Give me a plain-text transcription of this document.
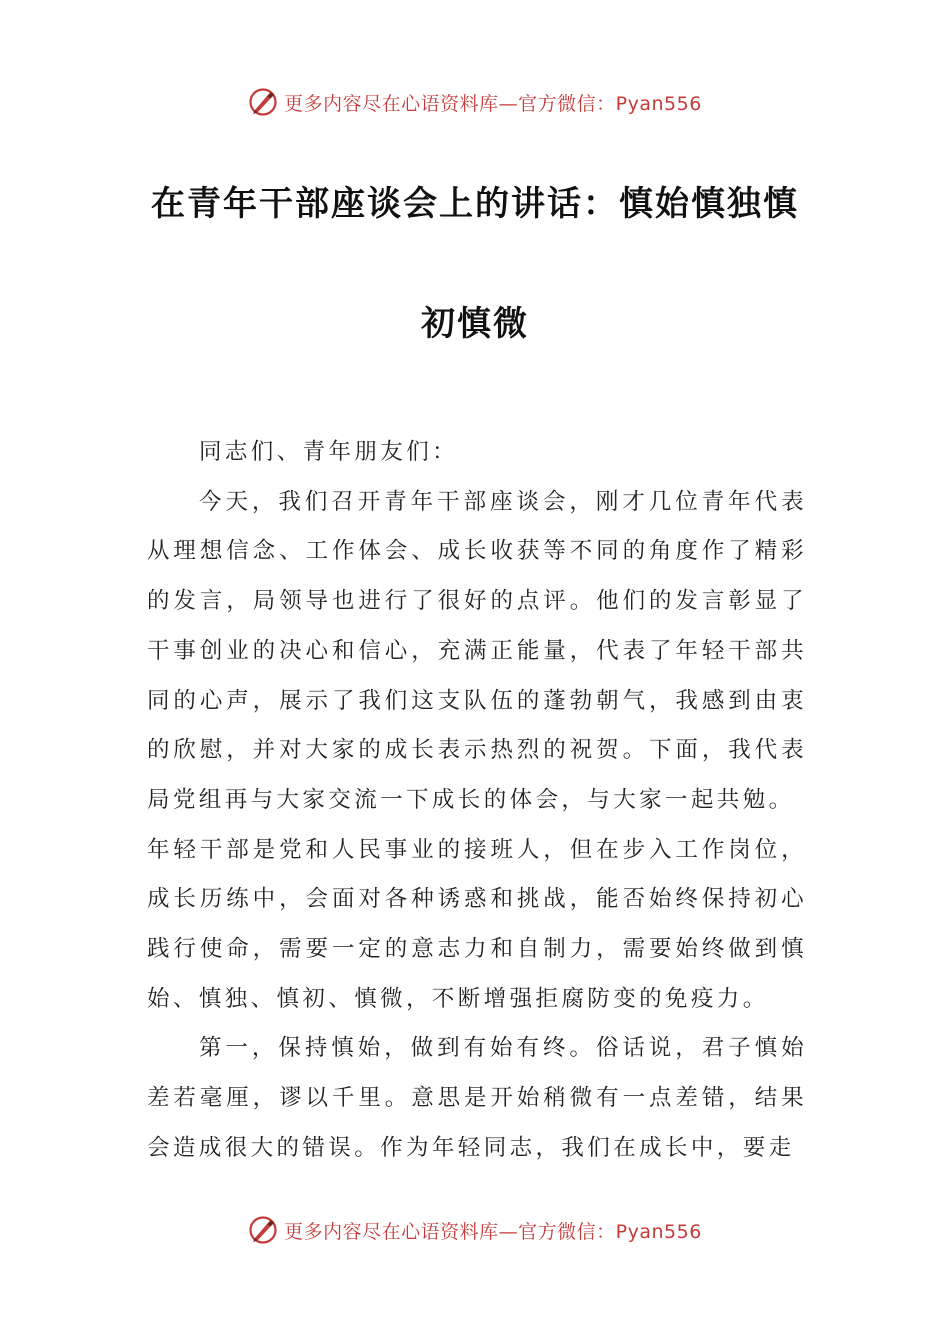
更多内容尽在心语资料库—官方微信：Pyan556
在青年干部座谈会上的讲话：慎始慎独慎
初慎微

同志们、青年朋友们：

今天，我们召开青年干部座谈会，刚才几位青年代表从理想信念、工作体会、成长收获等不同的角度作了精彩的发言，局领导也进行了很好的点评。他们的发言彰显了干事创业的决心和信心，充满正能量，代表了年轻干部共同的心声，展示了我们这支队伍的蓬勃朝气，我感到由衷的欣慰，并对大家的成长表示热烈的祝贺。下面，我代表局党组再与大家交流一下成长的体会，与大家一起共勉。

年轻干部是党和人民事业的接班人，但在步入工作岗位，成长历练中，会面对各种诱惑和挑战，能否始终保持初心践行使命，需要一定的意志力和自制力，需要始终做到慎始、慎独、慎初、慎微，不断增强拒腐防变的免疫力。

第一，保持慎始，做到有始有终。俗话说，君子慎始差若毫厘，谬以千里。意思是开始稍微有一点差错，结果会造成很大的错误。作为年轻同志，我们在成长中，要走

更多内容尽在心语资料库—官方微信：Pyan556
